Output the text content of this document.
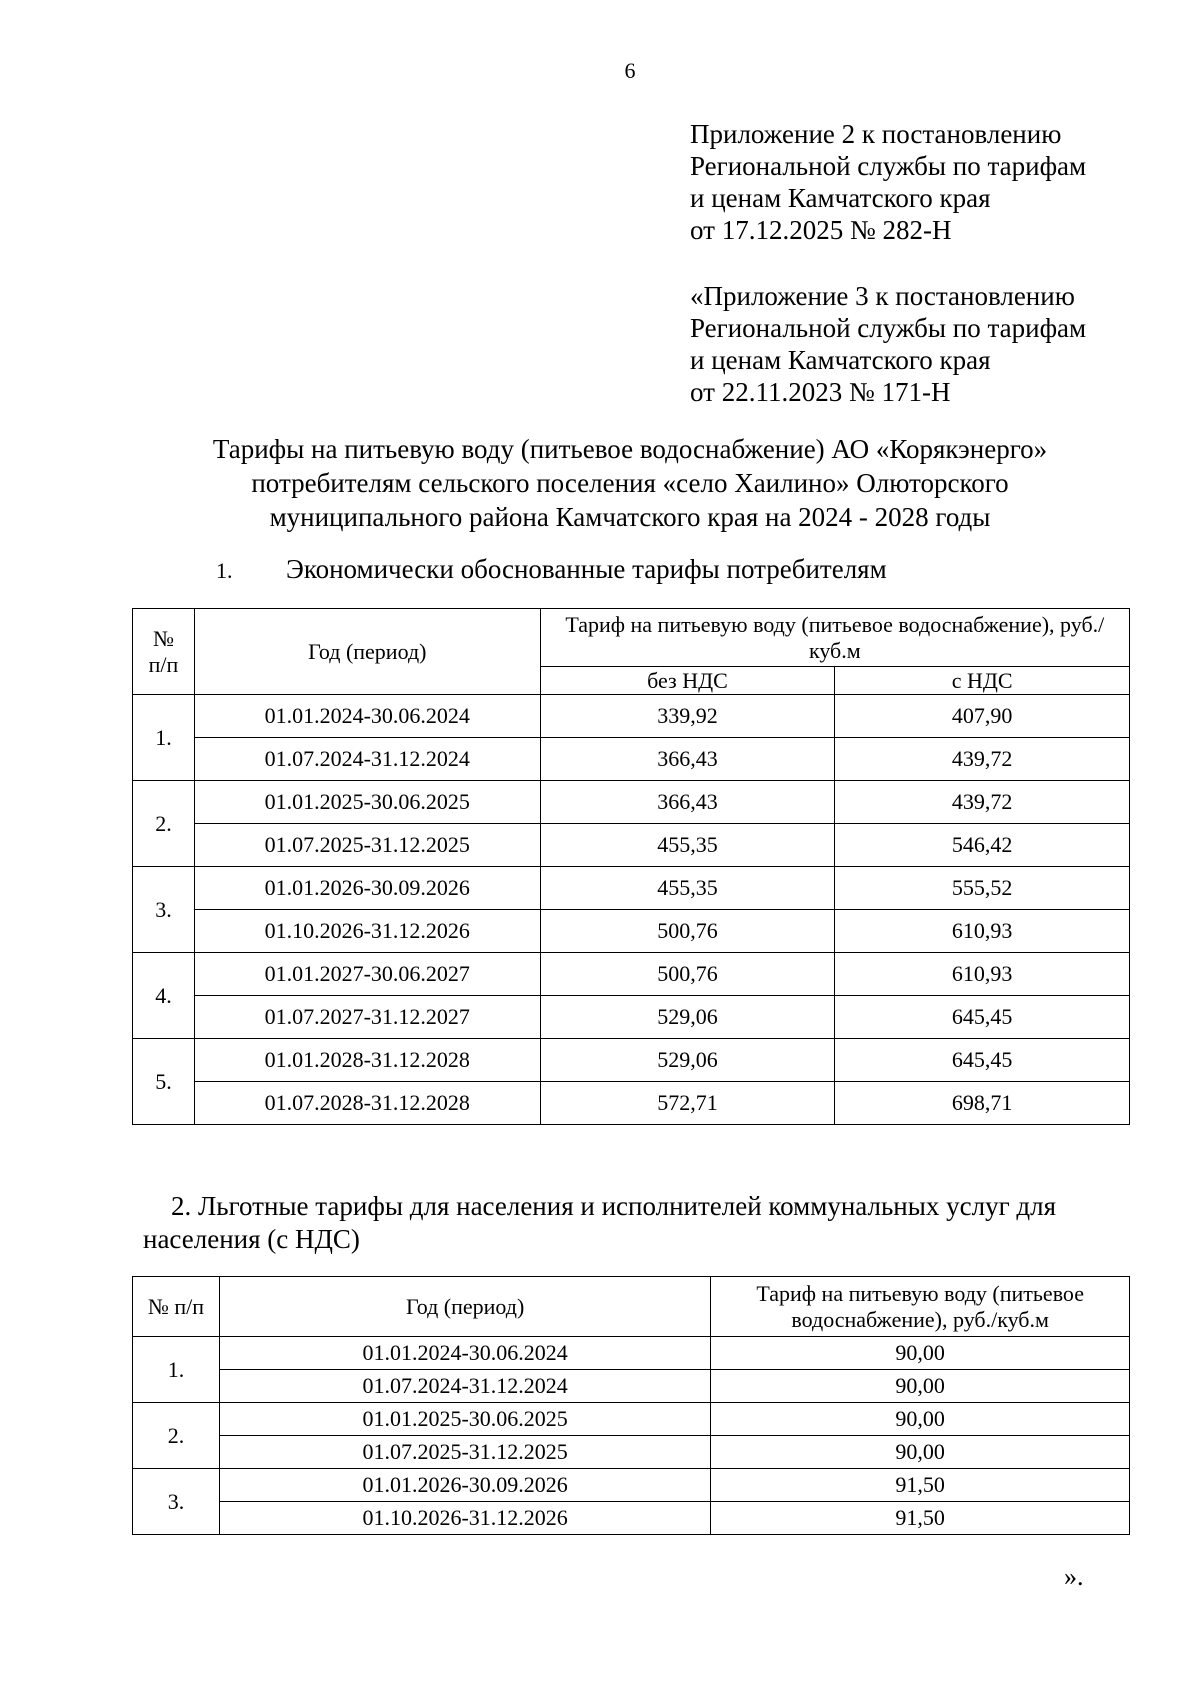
6
Приложение 2 к постановлению
Региональной службы по тарифам
и ценам Камчатского края
от 17.12.2025 № 282-Н
«Приложение 3 к постановлению
Региональной службы по тарифам
и ценам Камчатского края
от 22.11.2023 № 171-Н
Тарифы на питьевую воду (питьевое водоснабжение) АО «Корякэнерго»
потребителям сельского поселения «село Хаилино» Олюторского
муниципального района Камчатского края на 2024 - 2028 годы
1. Экономически обоснованные тарифы потребителям
№
п/п	Год (период)	Тариф на питьевую воду (питьевое водоснабжение), руб./куб.м	
		без НДС	с НДС
1.	01.01.2024-30.06.2024	339,92	407,90
	01.07.2024-31.12.2024	366,43	439,72
2.	01.01.2025-30.06.2025	366,43	439,72
	01.07.2025-31.12.2025	455,35	546,42
3.	01.01.2026-30.09.2026	455,35	555,52
	01.10.2026-31.12.2026	500,76	610,93
4.	01.01.2027-30.06.2027	500,76	610,93
	01.07.2027-31.12.2027	529,06	645,45
5.	01.01.2028-31.12.2028	529,06	645,45
	01.07.2028-31.12.2028	572,71	698,71
2. Льготные тарифы для населения и исполнителей коммунальных услуг для
населения (с НДС)
№ п/п	Год (период)	Тариф на питьевую воду (питьевое водоснабжение), руб./куб.м
1.	01.01.2024-30.06.2024	90,00
	01.07.2024-31.12.2024	90,00
2.	01.01.2025-30.06.2025	90,00
	01.07.2025-31.12.2025	90,00
3.	01.01.2026-30.09.2026	91,50
	01.10.2026-31.12.2026	91,50
».
